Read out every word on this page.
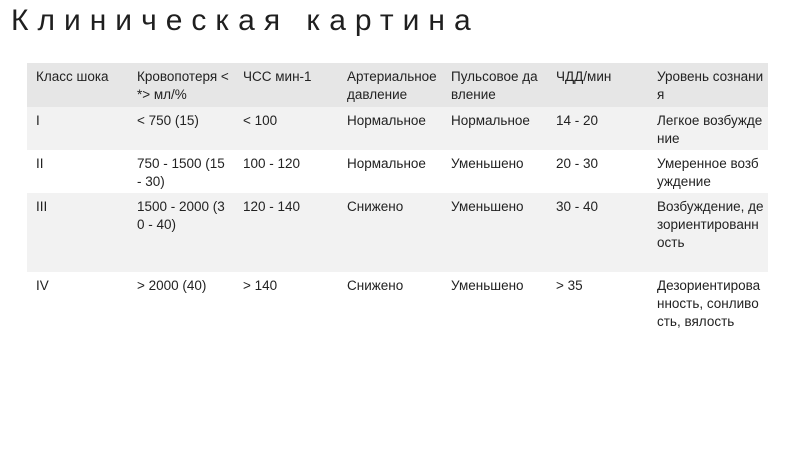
Клиническая картина
Класс шока	Кровопотеря <*> мл/%	ЧСС мин-1	Артериальное давление	Пульсовое давление	ЧДД/мин	Уровень сознания
I	< 750 (15)	< 100	Нормальное	Нормальное	14 - 20	Легкое возбуждение
II	750 - 1500 (15 - 30)	100 - 120	Нормальное	Уменьшено	20 - 30	Умеренное возбуждение
III	1500 - 2000 (30 - 40)	120 - 140	Снижено	Уменьшено	30 - 40	Возбуждение, дезориентированность
IV	> 2000 (40)	> 140	Снижено	Уменьшено	> 35	Дезориентированность, сонливость, вялость
